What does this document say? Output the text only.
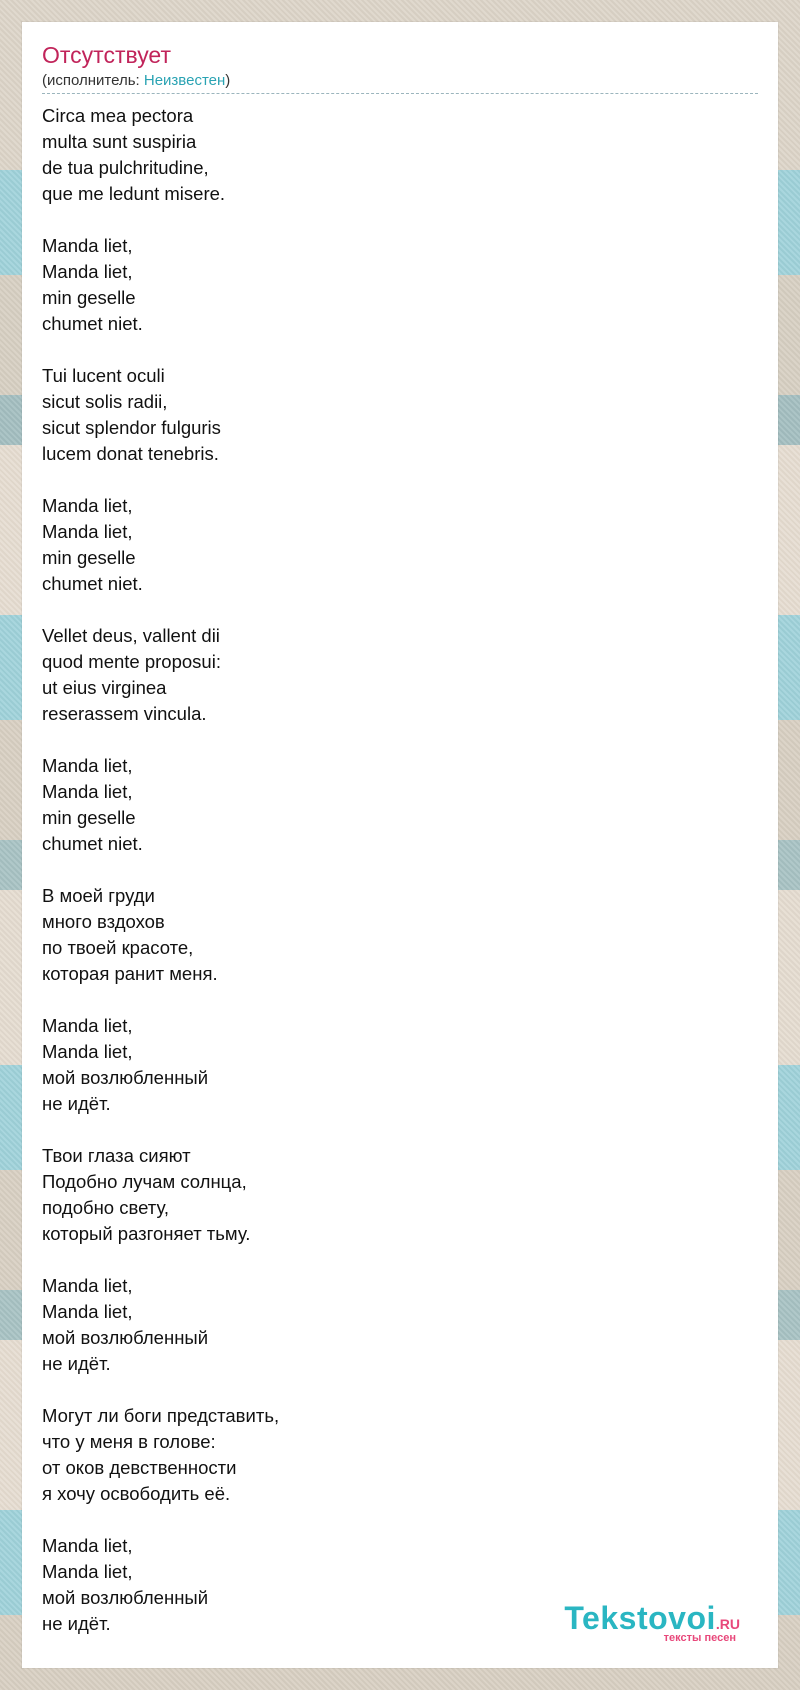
Отсутствует
(исполнитель: Неизвестен)
Circa mea pectora
multa sunt suspiria
de tua pulchritudine,
que me ledunt misere.

Manda liet,
Manda liet,
min geselle
chumet niet.

Tui lucent oculi
sicut solis radii,
sicut splendor fulguris
lucem donat tenebris.

Manda liet,
Manda liet,
min geselle
chumet niet.

Vellet deus, vallent dii
quod mente proposui:
ut eius virginea
reserassem vincula.

Manda liet,
Manda liet,
min geselle
chumet niet.

В моей груди
много вздохов
по твоей красоте,
которая ранит меня.

Manda liet,
Manda liet,
мой возлюбленный
не идёт.

Твои глаза сияют
Подобно лучам солнца,
подобно свету,
который разгоняет тьму.

Manda liet,
Manda liet,
мой возлюбленный
не идёт.

Могут ли боги представить,
что у меня в голове:
от оков девственности
я хочу освободить её.

Manda liet,
Manda liet,
мой возлюбленный
не идёт.	Tekstovoi.RU
тексты песен
